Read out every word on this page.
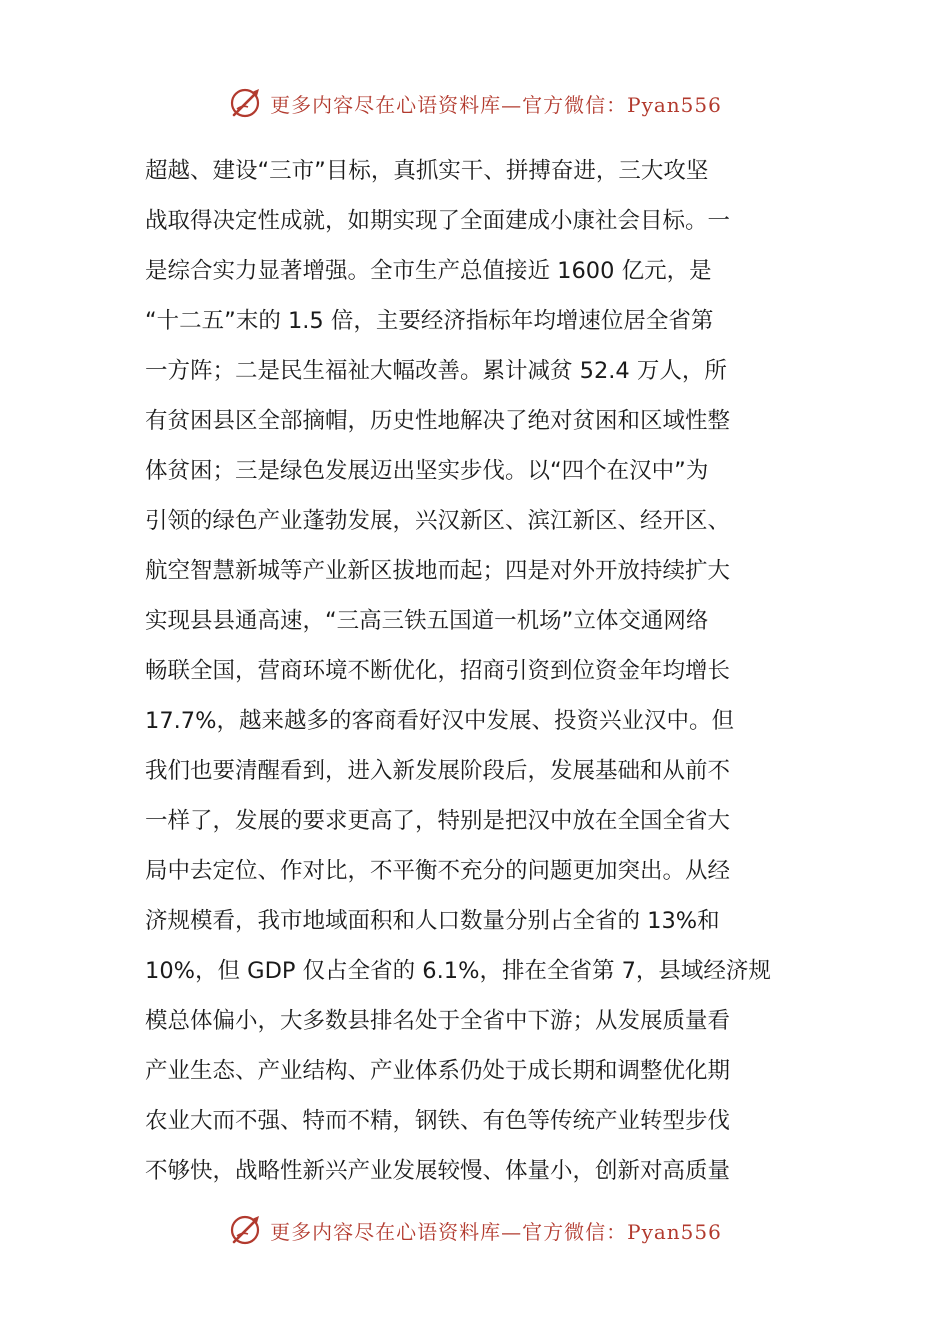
更多内容尽在心语资料库—官方微信：Pyan556
超越、建设“三市”目标，真抓实干、拼搏奋进，三大攻坚
战取得决定性成就，如期实现了全面建成小康社会目标。一
是综合实力显著增强。全市生产总值接近 1600 亿元，是
“十二五”末的 1.5 倍，主要经济指标年均增速位居全省第
一方阵；二是民生福祉大幅改善。累计减贫 52.4 万人，所
有贫困县区全部摘帽，历史性地解决了绝对贫困和区域性整
体贫困；三是绿色发展迈出坚实步伐。以“四个在汉中”为
引领的绿色产业蓬勃发展，兴汉新区、滨江新区、经开区、
航空智慧新城等产业新区拔地而起；四是对外开放持续扩大
实现县县通高速，“三高三铁五国道一机场”立体交通网络
畅联全国，营商环境不断优化，招商引资到位资金年均增长
17.7%，越来越多的客商看好汉中发展、投资兴业汉中。但
我们也要清醒看到，进入新发展阶段后，发展基础和从前不
一样了，发展的要求更高了，特别是把汉中放在全国全省大
局中去定位、作对比，不平衡不充分的问题更加突出。从经
济规模看，我市地域面积和人口数量分别占全省的 13%和
10%，但 GDP 仅占全省的 6.1%，排在全省第 7，县域经济规
模总体偏小，大多数县排名处于全省中下游；从发展质量看
产业生态、产业结构、产业体系仍处于成长期和调整优化期
农业大而不强、特而不精，钢铁、有色等传统产业转型步伐
不够快，战略性新兴产业发展较慢、体量小，创新对高质量
更多内容尽在心语资料库—官方微信：Pyan556
